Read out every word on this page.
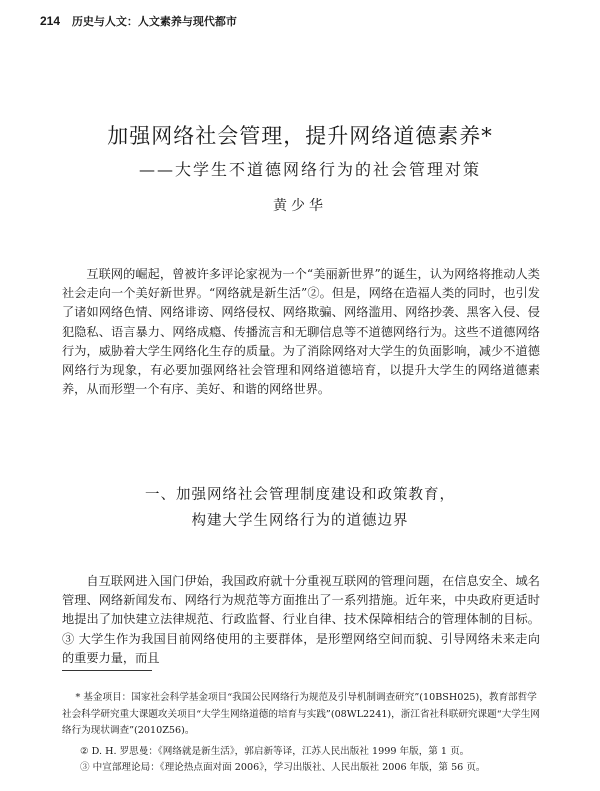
214 历史与人文：人文素养与现代都市
加强网络社会管理，提升网络道德素养*
——大学生不道德网络行为的社会管理对策
黄少华

互联网的崛起，曾被许多评论家视为一个“美丽新世界”的诞生，认为网络将推动人类社会走向一个美好新世界。“网络就是新生活”②。但是，网络在造福人类的同时，也引发了诸如网络色情、网络诽谤、网络侵权、网络欺骗、网络滥用、网络抄袭、黑客入侵、侵犯隐私、语言暴力、网络成瘾、传播流言和无聊信息等不道德网络行为。这些不道德网络行为，威胁着大学生网络化生存的质量。为了消除网络对大学生的负面影响，减少不道德网络行为现象，有必要加强网络社会管理和网络道德培育，以提升大学生的网络道德素养，从而形塑一个有序、美好、和谐的网络世界。

一、加强网络社会管理制度建设和政策教育，
构建大学生网络行为的道德边界

自互联网进入国门伊始，我国政府就十分重视互联网的管理问题，在信息安全、域名管理、网络新闻发布、网络行为规范等方面推出了一系列措施。近年来，中央政府更适时地提出了加快建立法律规范、行政监督、行业自律、技术保障相结合的管理体制的目标。③ 大学生作为我国目前网络使用的主要群体，是形塑网络空间而貌、引导网络未来走向的重要力量，而且

* 基金项目：国家社会科学基金项目“我国公民网络行为规范及引导机制调查研究”(10BSH025)，教育部哲学社会科学研究重大课题攻关项目“大学生网络道德的培育与实践”(08WL2241)，浙江省社科联研究课题“大学生网络行为现状调查”(2010Z56)。
② D. H. 罗思曼：《网络就是新生活》，郭启新等译，江苏人民出版社 1999 年版，第 1 页。
③ 中宣部理论局：《理论热点面对面 2006》，学习出版社、人民出版社 2006 年版，第 56 页。
